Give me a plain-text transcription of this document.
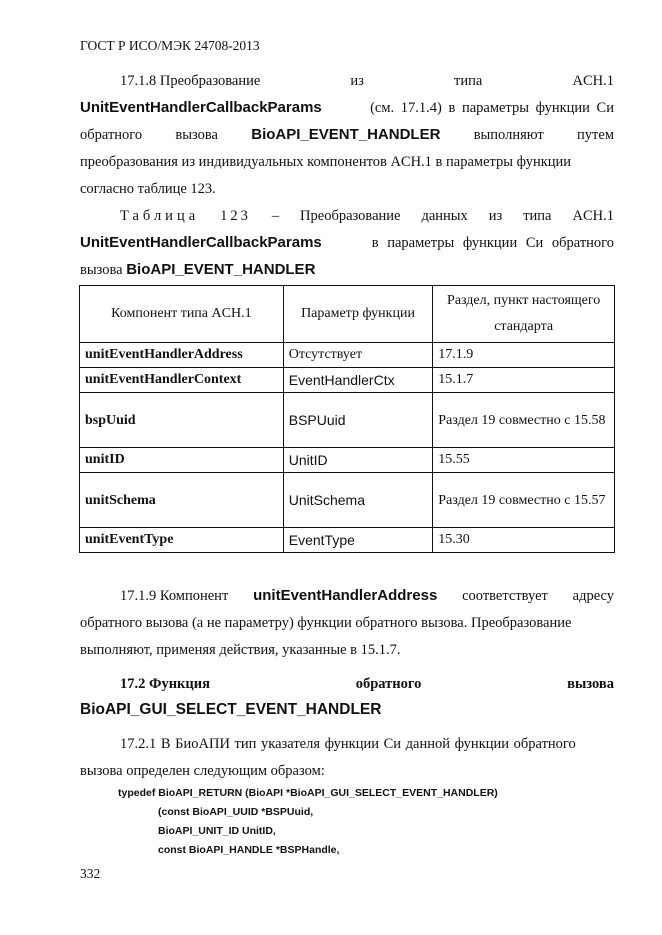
ГОСТ Р ИСО/МЭК 24708-2013
17.1.8 Преобразование	из	типа	ACH.1
UnitEventHandlerCallbackParams	(см. 17.1.4) в параметры функции Си
обратного вызова BioAPI_EVENT_HANDLER выполняют путем
преобразования из индивидуальных компонентов ACH.1 в параметры функции
согласно таблице 123.
Таблица 123 – Преобразование данных из типа ACH.1
UnitEventHandlerCallbackParams	в параметры функции Си обратного
вызова BioAPI_EVENT_HANDLER
Компонент типа ACH.1	Параметр функции	Раздел, пункт настоящего стандарта
unitEventHandlerAddress	Отсутствует	17.1.9
unitEventHandlerContext	EventHandlerCtx	15.1.7
bspUuid	BSPUuid	Раздел 19 совместно с 15.58
unitID	UnitID	15.55
unitSchema	UnitSchema	Раздел 19 совместно с 15.57
unitEventType	EventType	15.30
17.1.9 Компонент unitEventHandlerAddress соответствует адресу
обратного вызова (а не параметру) функции обратного вызова. Преобразование
выполняют, применяя действия, указанные в 15.1.7.
17.2 Функция	обратного	вызова
BioAPI_GUI_SELECT_EVENT_HANDLER
17.2.1 В БиоАПИ тип указателя функции Си данной функции обратного
вызова определен следующим образом:
typedef BioAPI_RETURN (BioAPI *BioAPI_GUI_SELECT_EVENT_HANDLER)
(const BioAPI_UUID *BSPUuid,
BioAPI_UNIT_ID UnitID,
const BioAPI_HANDLE *BSPHandle,
332
